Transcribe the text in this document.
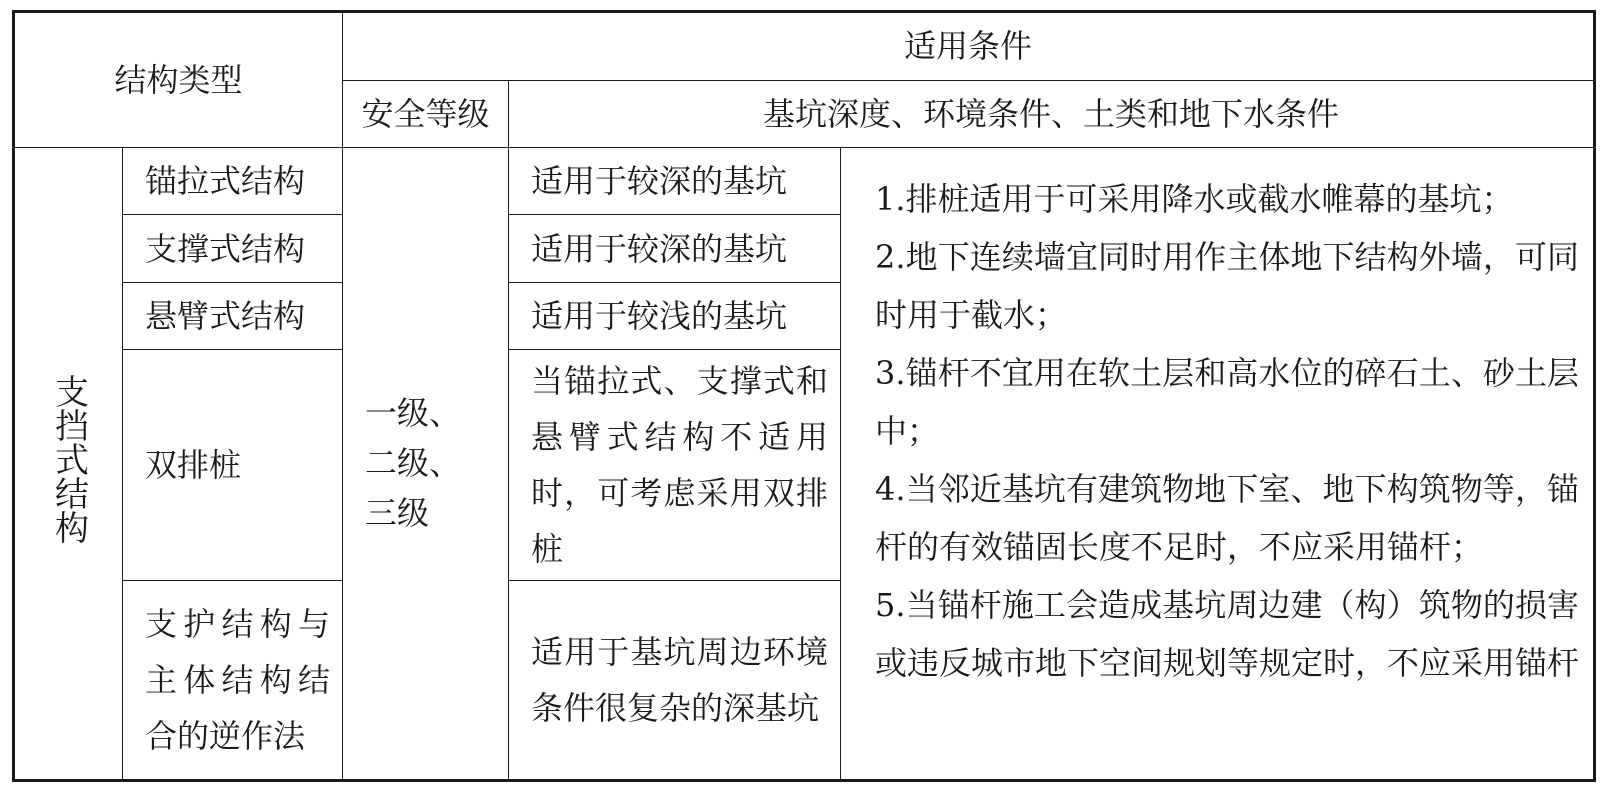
结构类型		适用条件		
		安全等级	基坑深度、环境条件、土类和地下水条件	
支挡式结构	锚拉式结构	一级、
二级、
三级	适用于较深的基坑	1.排桩适用于可采用降水或截水帷幕的基坑；
2.地下连续墙宜同时用作主体地下结构外墙，可同时用于截水；
3.锚杆不宜用在软土层和高水位的碎石土、砂土层中；
4.当邻近基坑有建筑物地下室、地下构筑物等，锚杆的有效锚固长度不足时，不应采用锚杆；
5.当锚杆施工会造成基坑周边建（构）筑物的损害或违反城市地下空间规划等规定时，不应采用锚杆

	支撑式结构		适用于较深的基坑	
	悬臂式结构		适用于较浅的基坑	
	双排桩		当锚拉式、支撑式和悬臂式结构不适用时，可考虑采用双排桩	
	支护结构与主体结构结合的逆作法		适用于基坑周边环境条件很复杂的深基坑	
